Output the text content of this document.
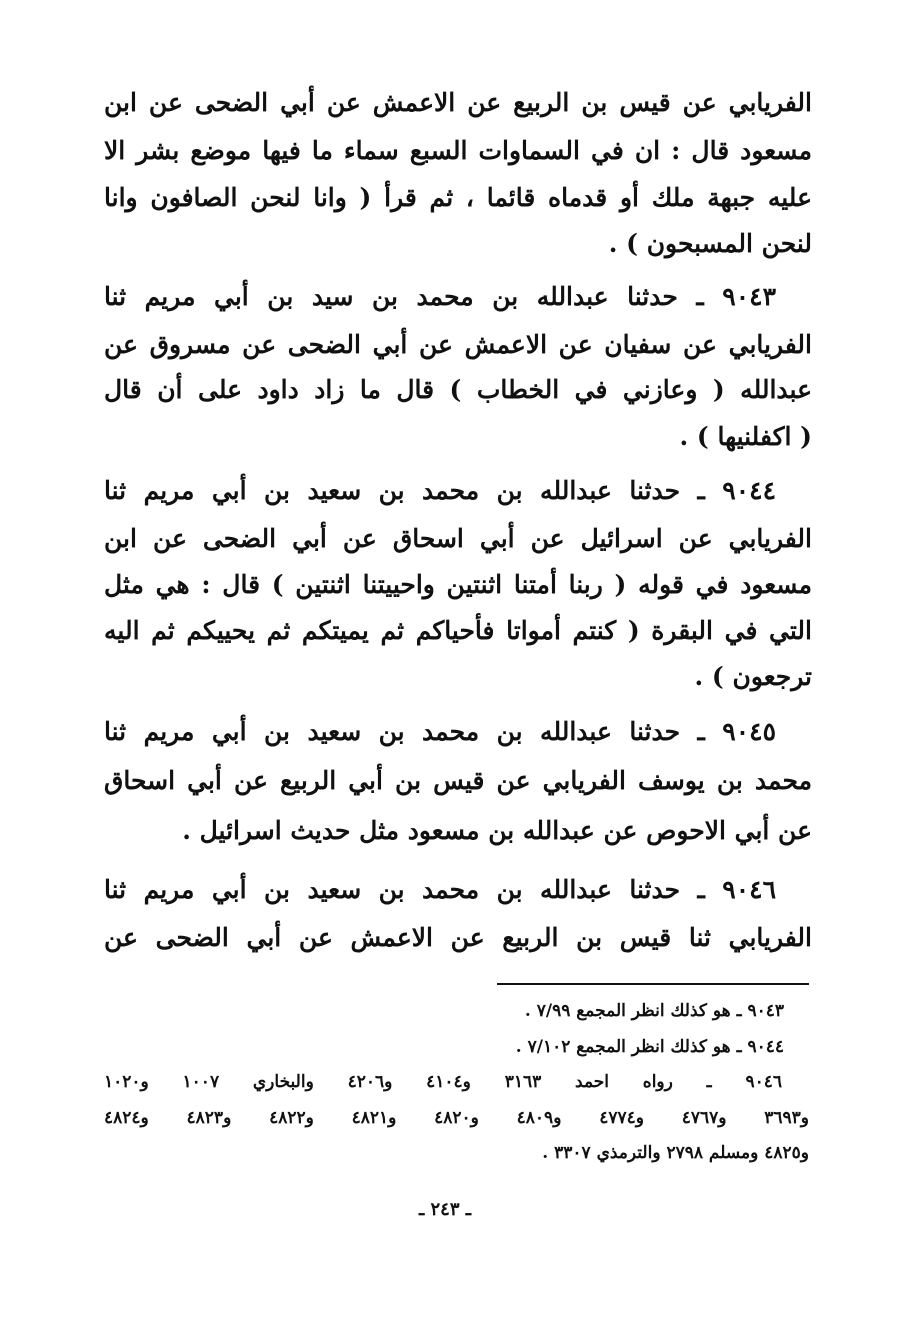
الفريابي عن قيس بن الربيع عن الاعمش عن أبي الضحى عن ابن
مسعود قال : ان في السماوات السبع سماء ما فيها موضع بشر الا
عليه جبهة ملك أو قدماه قائما ، ثم قرأ ( وانا لنحن الصافون وانا
لنحن المسبحون ) .
٩٠٤٣ ـ حدثنا عبدالله بن محمد بن سيد بن أبي مريم ثنا
الفريابي عن سفيان عن الاعمش عن أبي الضحى عن مسروق عن
عبدالله ( وعازني في الخطاب ) قال ما زاد داود على أن قال
( اكفلنيها ) .
٩٠٤٤ ـ حدثنا عبدالله بن محمد بن سعيد بن أبي مريم ثنا
الفريابي عن اسرائيل عن أبي اسحاق عن أبي الضحى عن ابن
مسعود في قوله ( ربنا أمتنا اثنتين واحييتنا اثنتين ) قال : هي مثل
التي في البقرة ( كنتم أمواتا فأحياكم ثم يميتكم ثم يحييكم ثم اليه
ترجعون ) .
٩٠٤٥ ـ حدثنا عبدالله بن محمد بن سعيد بن أبي مريم ثنا
محمد بن يوسف الفريابي عن قيس بن أبي الربيع عن أبي اسحاق
عن أبي الاحوص عن عبدالله بن مسعود مثل حديث اسرائيل .
٩٠٤٦ ـ حدثنا عبدالله بن محمد بن سعيد بن أبي مريم ثنا
الفريابي ثنا قيس بن الربيع عن الاعمش عن أبي الضحى عن
٩٠٤٣ ـ هو كذلك انظر المجمع ٧/٩٩ .
٩٠٤٤ ـ هو كذلك انظر المجمع ٧/١٠٢ .
٩٠٤٦ ـ رواه احمد ٣١٦٣ و٤١٠٤ و٤٢٠٦ والبخاري ١٠٠٧ و١٠٢٠
و٣٦٩٣ و٤٧٦٧ و٤٧٧٤ و٤٨٠٩ و٤٨٢٠ و٤٨٢١ و٤٨٢٢ و٤٨٢٣ و٤٨٢٤
و٤٨٢٥ ومسلم ٢٧٩٨ والترمذي ٣٣٠٧ .
ـ ٢٤٣ ـ
